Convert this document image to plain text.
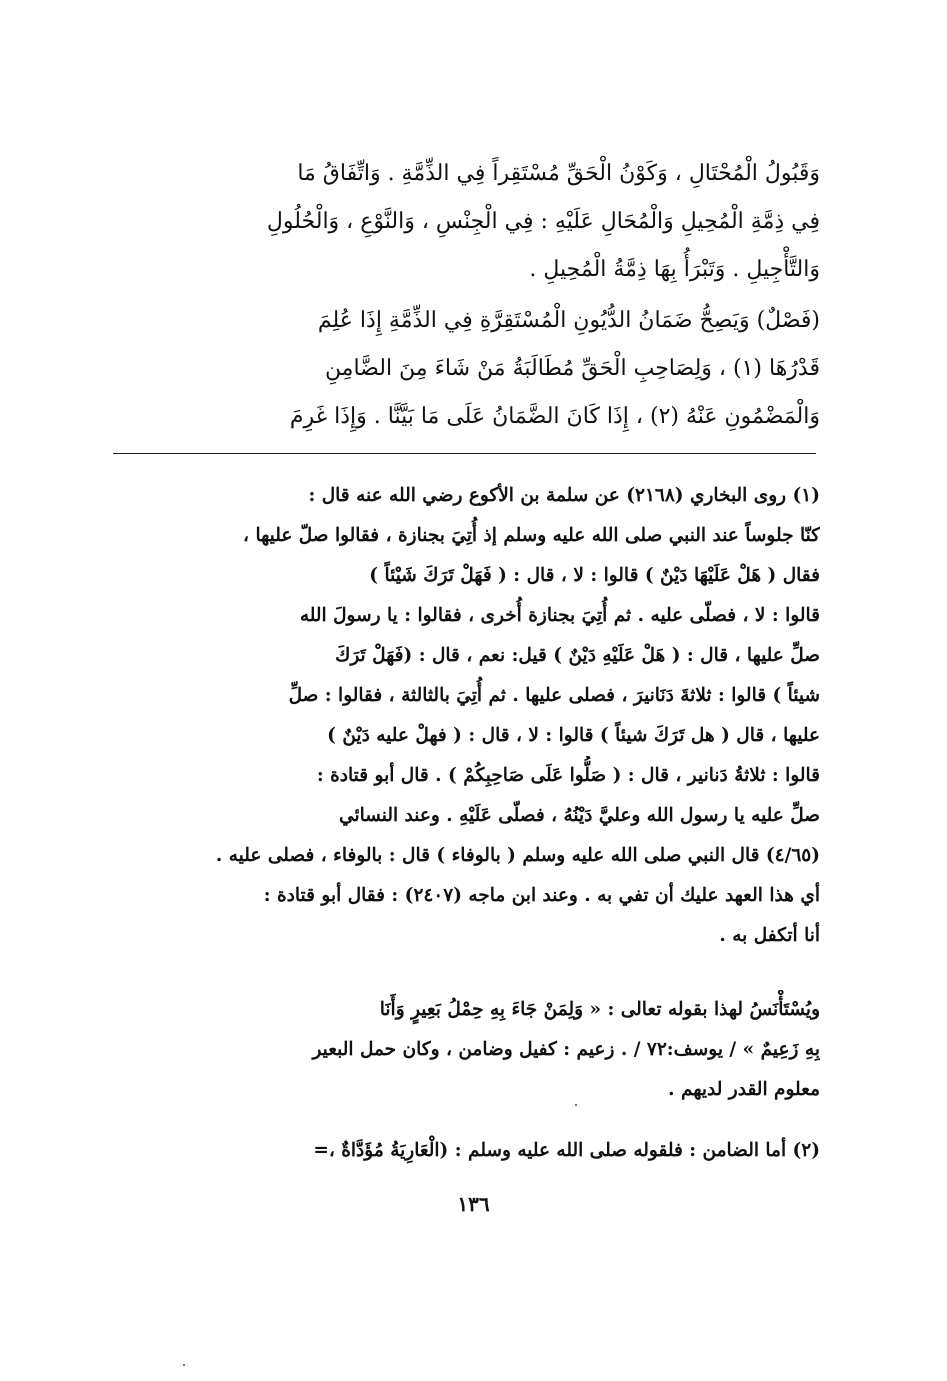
وَقَبُولُ الْمُحْتَالِ ، وَكَوْنُ الْحَقِّ مُسْتَقِراً فِي الذِّمَّةِ . وَاتِّفَاقُ مَا
فِي ذِمَّةِ الْمُحِيلِ وَالْمُحَالِ عَلَيْهِ : فِي الْجِنْسِ ، وَالنَّوْعِ ، وَالْحُلُولِ
وَالتَّأْجِيلِ . وَتَبْرَأُ بِهَا ذِمَّةُ الْمُحِيلِ .
(فَصْلٌ) وَيَصِحُّ ضَمَانُ الدُّيُونِ الْمُسْتَقِرَّةِ فِي الذِّمَّةِ إِذَا عُلِمَ
قَدْرُهَا (١) ، وَلِصَاحِبِ الْحَقِّ مُطَالَبَةُ مَنْ شَاءَ مِنَ الضَّامِنِ
وَالْمَضْمُونِ عَنْهُ (٢) ، إِذَا كَانَ الضَّمَانُ عَلَى مَا بَيَّنَّا . وَإِذَا غَرِمَ
(١) روى البخاري (٢١٦٨) عن سلمة بن الأكوع رضي الله عنه قال :
كنّا جلوساً عند النبي صلى الله عليه وسلم إذ أُتِيَ بجنازة ، فقالوا صلّ عليها ،
فقال ( هَلْ عَلَيْهَا دَيْنٌ ) قالوا : لا ، قال : ( فَهَلْ تَرَكَ شَيْئاً )
قالوا : لا ، فصلّى عليه . ثم أُتِيَ بجنازة أُخرى ، فقالوا : يا رسولَ الله
صلِّ عليها ، قال : ( هَلْ عَلَيْهِ دَيْنٌ ) قيل: نعم ، قال : (فَهَلْ تَرَكَ
شيئاً ) قالوا : ثلاثةَ دَنَانيرَ ، فصلى عليها . ثم أُتِيَ بالثالثة ، فقالوا : صلِّ
عليها ، قال ( هل تَرَكَ شيئاً ) قالوا : لا ، قال : ( فهلْ عليه دَيْنٌ )
قالوا : ثلاثةُ دَنانير ، قال : ( صَلُّوا عَلَى صَاحِبِكُمْ ) . قال أبو قتادة :
صلِّ عليه يا رسول الله وعليَّ دَيْنُهُ ، فصلّى عَلَيْهِ . وعند النسائي
(٤/٦٥) قال النبي صلى الله عليه وسلم ( بالوفاء ) قال : بالوفاء ، فصلى عليه .
أي هذا العهد عليك أن تفي به . وعند ابن ماجه (٢٤٠٧) : فقال أبو قتادة :
أنا أتكفل به .
ويُسْتَأْنَسُ لهذا بقوله تعالى : « وَلِمَنْ جَاءَ بِهِ حِمْلُ بَعِيرٍ وَأَنَا
بِهِ زَعِيمٌ » / يوسف:٧٢ / . زعيم : كفيل وضامن ، وكان حمل البعير
معلوم القدر لديهم .
(٢) أما الضامن : فلقوله صلى الله عليه وسلم : (الْعَارِيَةُ مُؤَدَّاةٌ ،=
١٣٦
